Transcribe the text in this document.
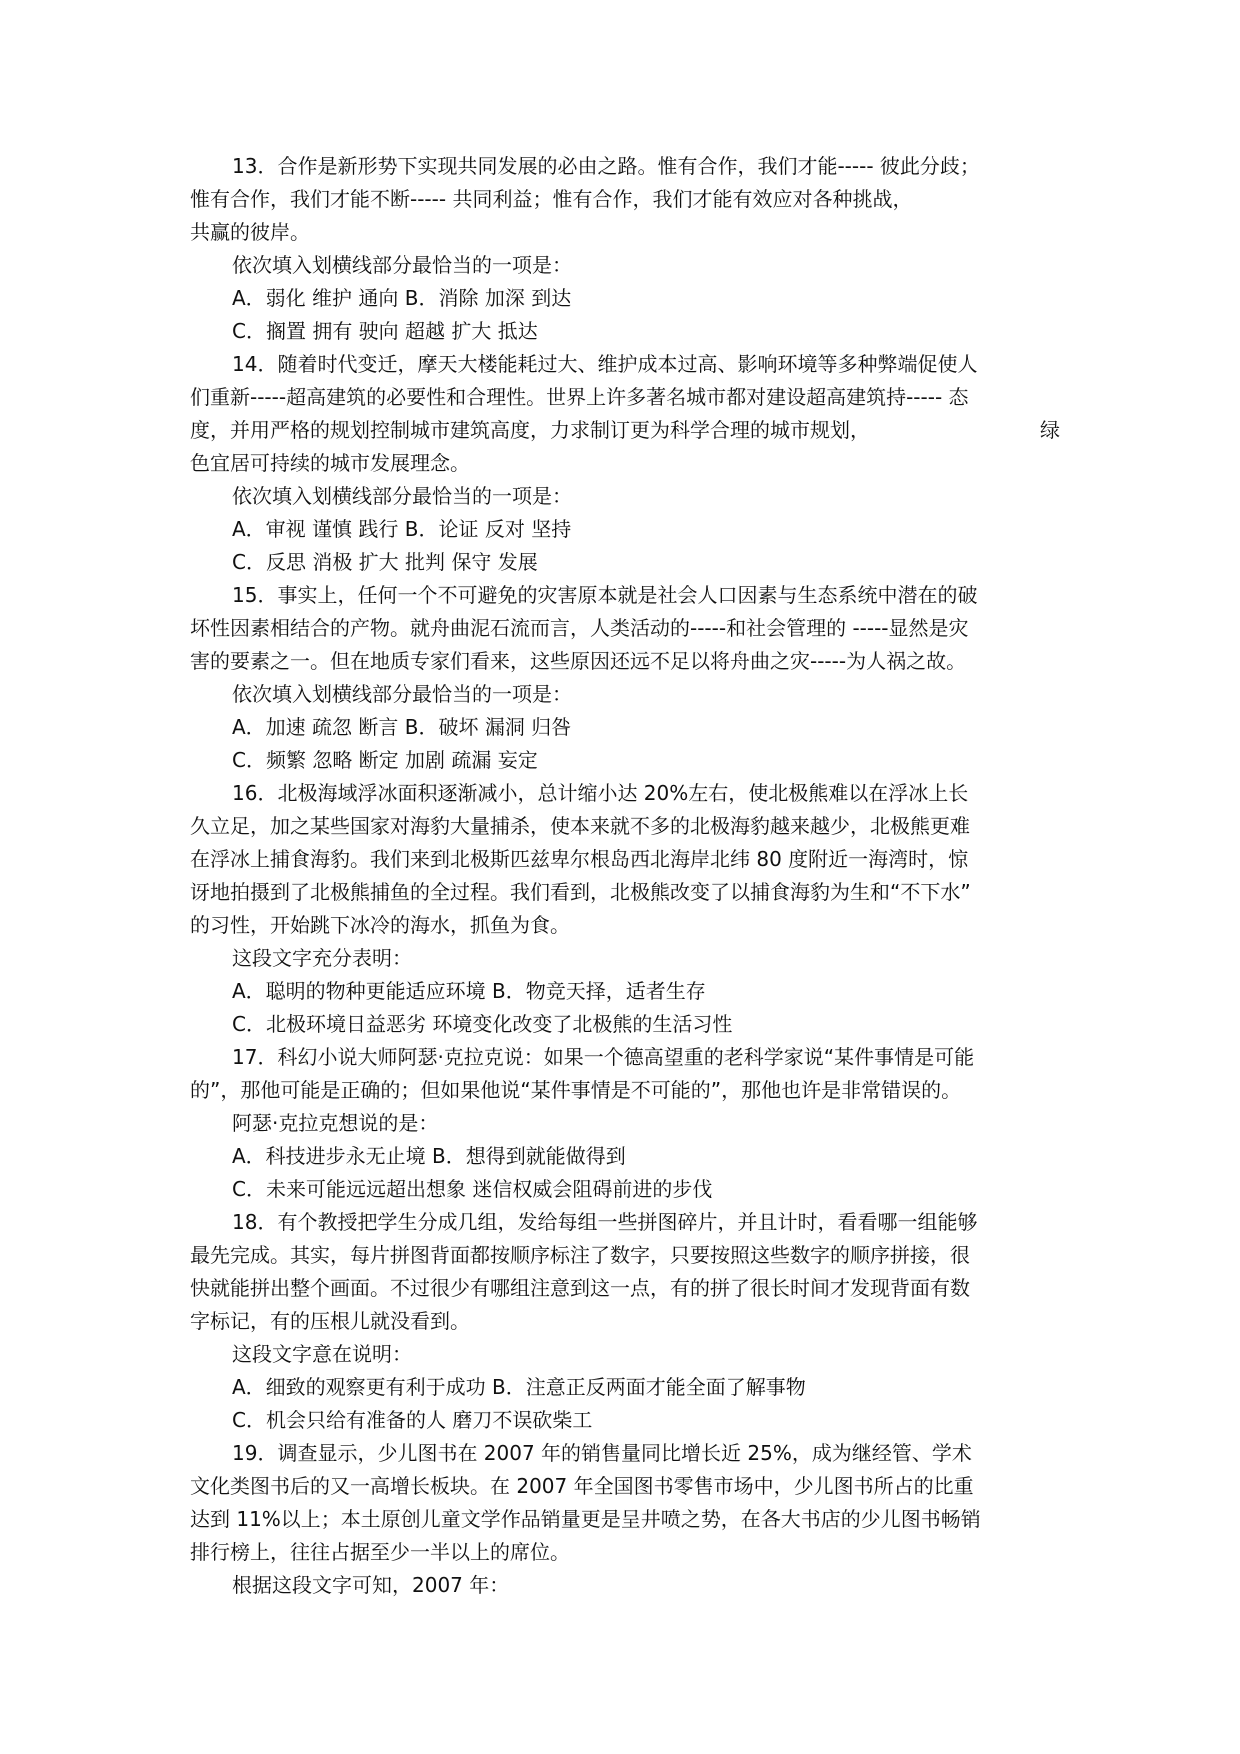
13．合作是新形势下实现共同发展的必由之路。惟有合作，我们才能----- 彼此分歧；
惟有合作，我们才能不断----- 共同利益；惟有合作，我们才能有效应对各种挑战，
共赢的彼岸。
依次填入划横线部分最恰当的一项是：
A．弱化 维护 通向 B．消除 加深 到达
C．搁置 拥有 驶向 超越 扩大 抵达
14．随着时代变迁，摩天大楼能耗过大、维护成本过高、影响环境等多种弊端促使人
们重新-----超高建筑的必要性和合理性。世界上许多著名城市都对建设超高建筑持----- 态
度，并用严格的规划控制城市建筑高度，力求制订更为科学合理的城市规划，	绿
色宜居可持续的城市发展理念。
依次填入划横线部分最恰当的一项是：
A．审视 谨慎 践行 B．论证 反对 坚持
C．反思 消极 扩大 批判 保守 发展
15．事实上，任何一个不可避免的灾害原本就是社会人口因素与生态系统中潜在的破
坏性因素相结合的产物。就舟曲泥石流而言，人类活动的-----和社会管理的 -----显然是灾
害的要素之一。但在地质专家们看来，这些原因还远不足以将舟曲之灾-----为人祸之故。
依次填入划横线部分最恰当的一项是：
A．加速 疏忽 断言 B．破坏 漏洞 归咎
C．频繁 忽略 断定 加剧 疏漏 妄定
16．北极海域浮冰面积逐渐减小，总计缩小达 20%左右，使北极熊难以在浮冰上长
久立足，加之某些国家对海豹大量捕杀，使本来就不多的北极海豹越来越少，北极熊更难
在浮冰上捕食海豹。我们来到北极斯匹兹卑尔根岛西北海岸北纬 80 度附近一海湾时，惊
讶地拍摄到了北极熊捕鱼的全过程。我们看到，北极熊改变了以捕食海豹为生和“不下水”
的习性，开始跳下冰冷的海水，抓鱼为食。
这段文字充分表明：
A．聪明的物种更能适应环境 B．物竞天择，适者生存
C．北极环境日益恶劣 环境变化改变了北极熊的生活习性
17．科幻小说大师阿瑟·克拉克说：如果一个德高望重的老科学家说“某件事情是可能
的”，那他可能是正确的；但如果他说“某件事情是不可能的”，那他也许是非常错误的。
阿瑟·克拉克想说的是：
A．科技进步永无止境 B．想得到就能做得到
C．未来可能远远超出想象 迷信权威会阻碍前进的步伐
18．有个教授把学生分成几组，发给每组一些拼图碎片，并且计时，看看哪一组能够
最先完成。其实，每片拼图背面都按顺序标注了数字，只要按照这些数字的顺序拼接，很
快就能拼出整个画面。不过很少有哪组注意到这一点，有的拼了很长时间才发现背面有数
字标记，有的压根儿就没看到。
这段文字意在说明：
A．细致的观察更有利于成功 B．注意正反两面才能全面了解事物
C．机会只给有准备的人 磨刀不误砍柴工
19．调查显示，少儿图书在 2007 年的销售量同比增长近 25%，成为继经管、学术
文化类图书后的又一高增长板块。在 2007 年全国图书零售市场中，少儿图书所占的比重
达到 11%以上；本土原创儿童文学作品销量更是呈井喷之势，在各大书店的少儿图书畅销
排行榜上，往往占据至少一半以上的席位。
根据这段文字可知，2007 年：
